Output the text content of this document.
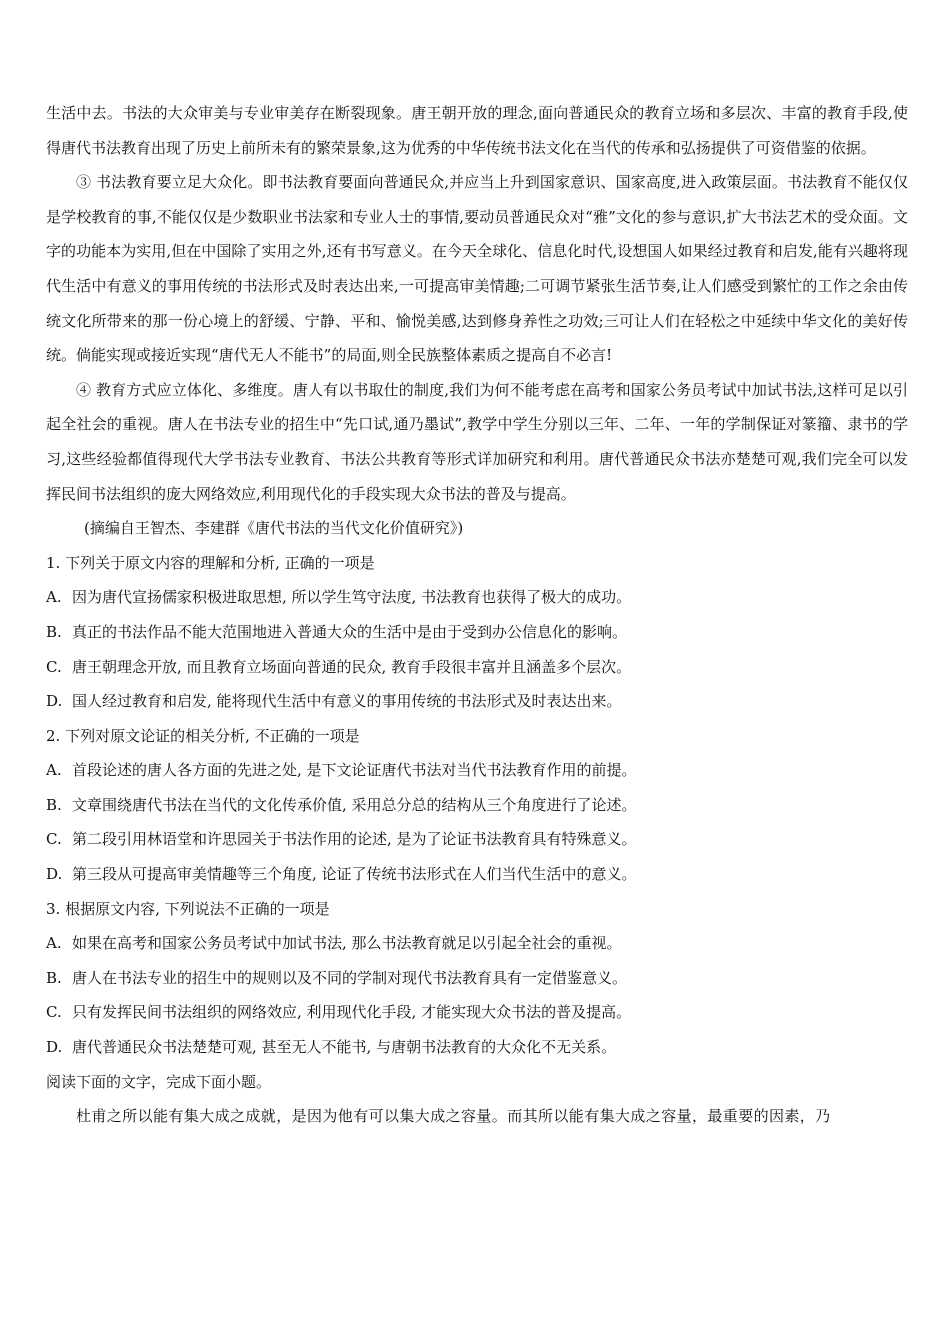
生活中去。书法的大众审美与专业审美存在断裂现象。唐王朝开放的理念,面向普通民众的教育立场和多层次、丰富的教育手段,使得唐代书法教育出现了历史上前所未有的繁荣景象,这为优秀的中华传统书法文化在当代的传承和弘扬提供了可资借鉴的依据。

③ 书法教育要立足大众化。即书法教育要面向普通民众,并应当上升到国家意识、国家高度,进入政策层面。书法教育不能仅仅是学校教育的事,不能仅仅是少数职业书法家和专业人士的事情,要动员普通民众对“雅”文化的参与意识,扩大书法艺术的受众面。文字的功能本为实用,但在中国除了实用之外,还有书写意义。在今天全球化、信息化时代,设想国人如果经过教育和启发,能有兴趣将现代生活中有意义的事用传统的书法形式及时表达出来,一可提高审美情趣;二可调节紧张生活节奏,让人们感受到繁忙的工作之余由传统文化所带来的那一份心境上的舒缓、宁静、平和、愉悦美感,达到修身养性之功效;三可让人们在轻松之中延续中华文化的美好传统。倘能实现或接近实现“唐代无人不能书”的局面,则全民族整体素质之提高自不必言!

④ 教育方式应立体化、多维度。唐人有以书取仕的制度,我们为何不能考虑在高考和国家公务员考试中加试书法,这样可足以引起全社会的重视。唐人在书法专业的招生中“先口试,通乃墨试”,教学中学生分别以三年、二年、一年的学制保证对篆籀、隶书的学习,这些经验都值得现代大学书法专业教育、书法公共教育等形式详加研究和利用。唐代普通民众书法亦楚楚可观,我们完全可以发挥民间书法组织的庞大网络效应,利用现代化的手段实现大众书法的普及与提高。

(摘编自王智杰、李建群《唐代书法的当代文化价值研究》)

1. 下列关于原文内容的理解和分析, 正确的一项是

A. 因为唐代宣扬儒家积极进取思想, 所以学生笃守法度, 书法教育也获得了极大的成功。

B. 真正的书法作品不能大范围地进入普通大众的生活中是由于受到办公信息化的影响。

C. 唐王朝理念开放, 而且教育立场面向普通的民众, 教育手段很丰富并且涵盖多个层次。

D. 国人经过教育和启发, 能将现代生活中有意义的事用传统的书法形式及时表达出来。

2. 下列对原文论证的相关分析, 不正确的一项是

A. 首段论述的唐人各方面的先进之处, 是下文论证唐代书法对当代书法教育作用的前提。

B. 文章围绕唐代书法在当代的文化传承价值, 采用总分总的结构从三个角度进行了论述。

C. 第二段引用林语堂和许思园关于书法作用的论述, 是为了论证书法教育具有特殊意义。

D. 第三段从可提高审美情趣等三个角度, 论证了传统书法形式在人们当代生活中的意义。

3. 根据原文内容, 下列说法不正确的一项是

A. 如果在高考和国家公务员考试中加试书法, 那么书法教育就足以引起全社会的重视。

B. 唐人在书法专业的招生中的规则以及不同的学制对现代书法教育具有一定借鉴意义。

C. 只有发挥民间书法组织的网络效应, 利用现代化手段, 才能实现大众书法的普及提高。

D. 唐代普通民众书法楚楚可观, 甚至无人不能书, 与唐朝书法教育的大众化不无关系。

阅读下面的文字，完成下面小题。

杜甫之所以能有集大成之成就，是因为他有可以集大成之容量。而其所以能有集大成之容量，最重要的因素，乃
